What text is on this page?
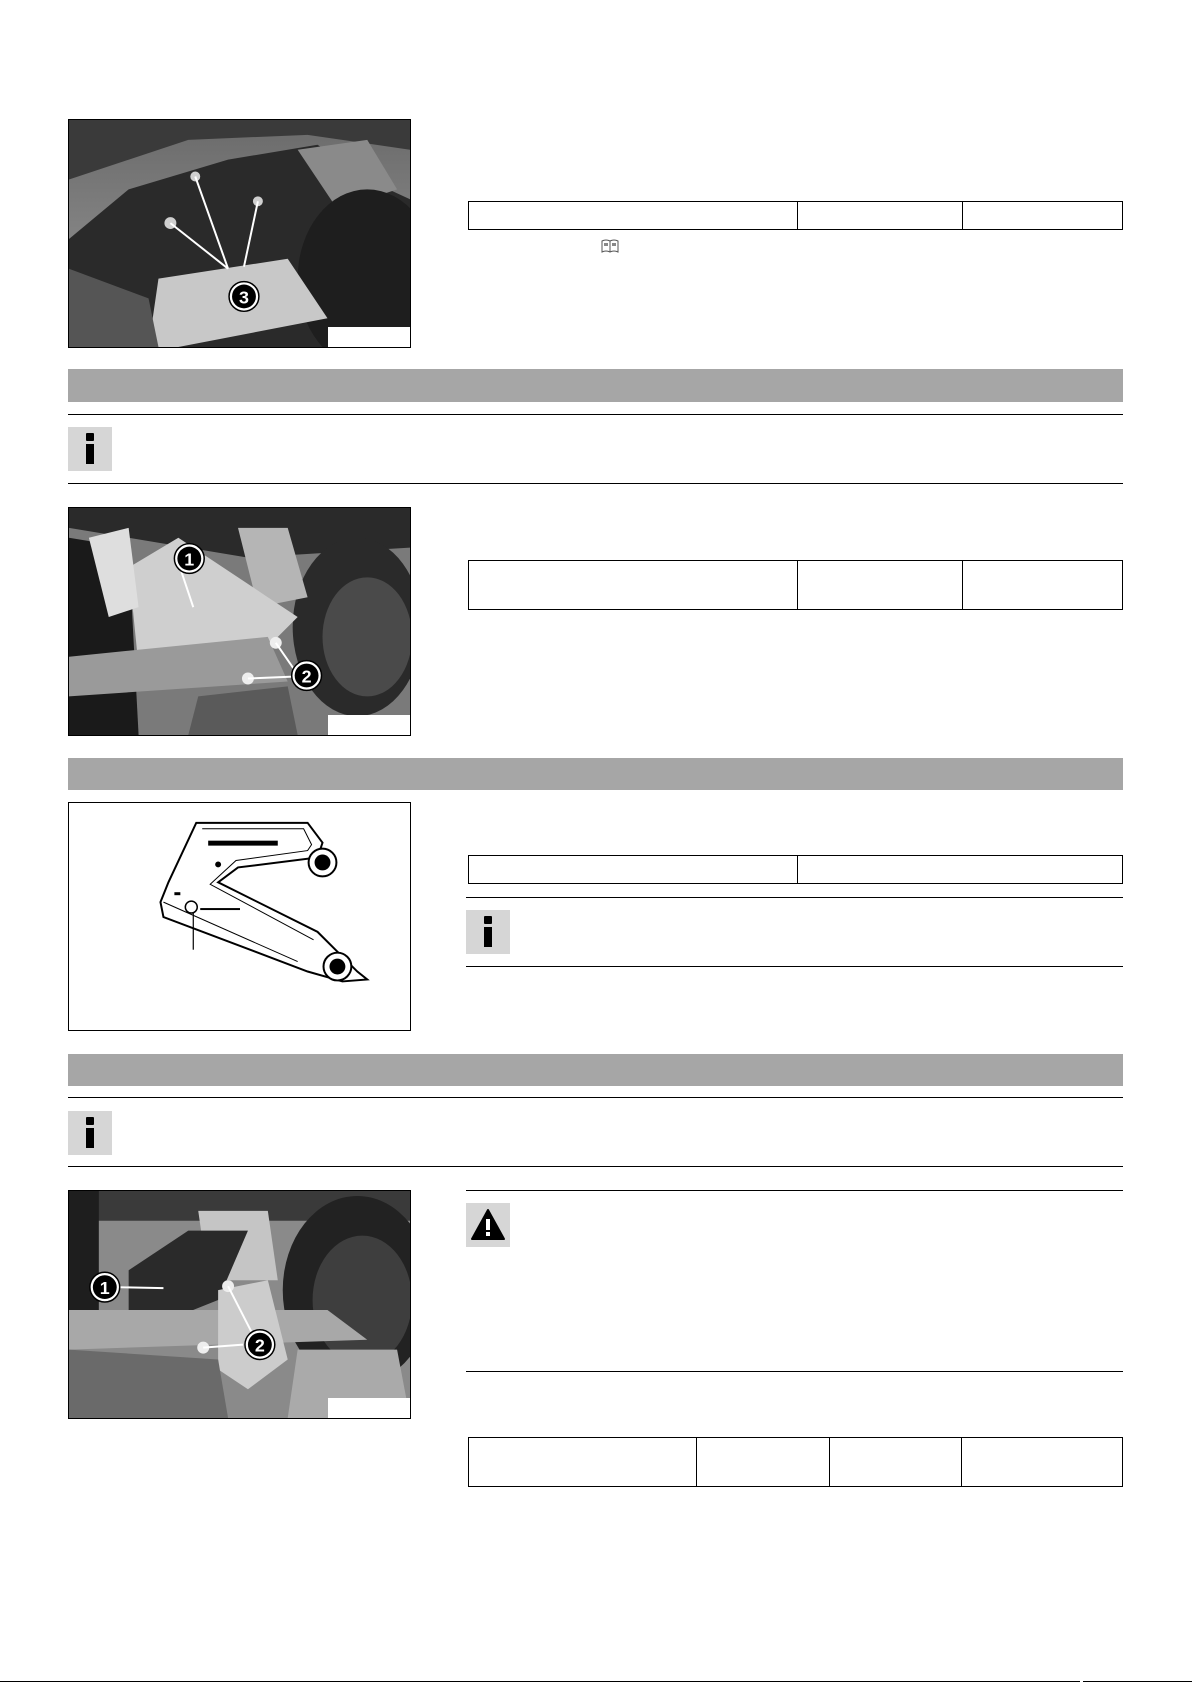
3

1
2

1
2
